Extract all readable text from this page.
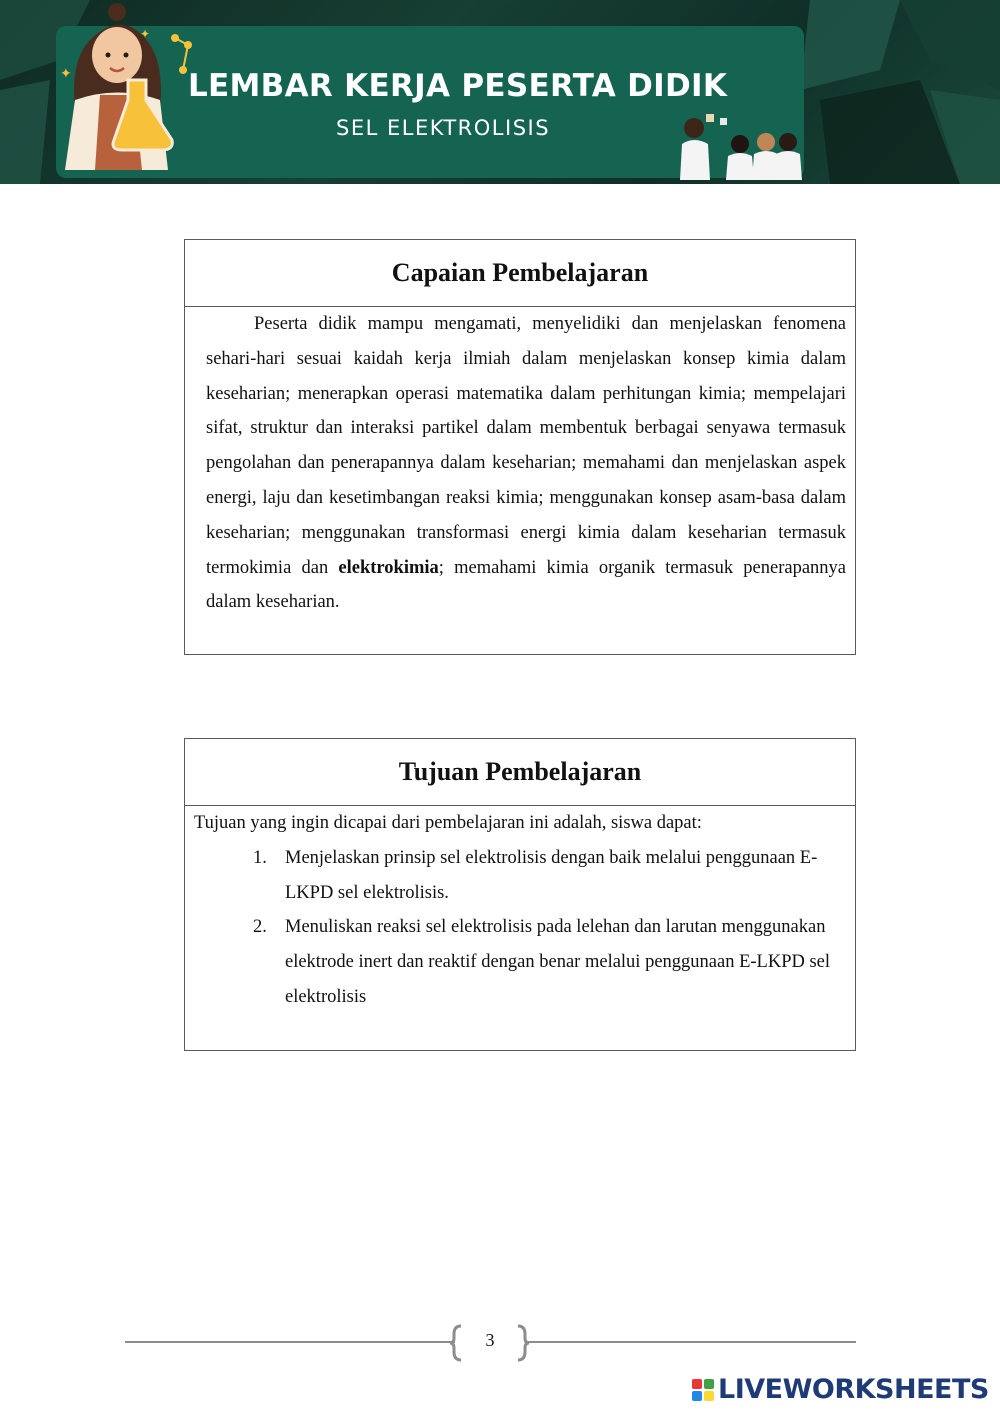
✦
✦
LEMBAR KERJA PESERTA DIDIK
SEL ELEKTROLISIS
Capaian Pembelajaran

Peserta didik mampu mengamati, menyelidiki dan menjelaskan fenomena sehari-hari sesuai kaidah kerja ilmiah dalam menjelaskan konsep kimia dalam keseharian; menerapkan operasi matematika dalam perhitungan kimia; mempelajari sifat, struktur dan interaksi partikel dalam membentuk berbagai senyawa termasuk pengolahan dan penerapannya dalam keseharian; memahami dan menjelaskan aspek energi, laju dan kesetimbangan reaksi kimia; menggunakan konsep asam-basa dalam keseharian; menggunakan transformasi energi kimia dalam keseharian termasuk termokimia dan elektrokimia; memahami kimia organik termasuk penerapannya dalam keseharian.

Tujuan Pembelajaran

Tujuan yang ingin dicapai dari pembelajaran ini adalah, siswa dapat:

1. Menjelaskan prinsip sel elektrolisis dengan baik melalui penggunaan E-LKPD sel elektrolisis.
2. Menuliskan reaksi sel elektrolisis pada lelehan dan larutan menggunakan elektrode inert dan reaktif dengan benar melalui penggunaan E-LKPD sel elektrolisis
3
LIVEWORKSHEETS
